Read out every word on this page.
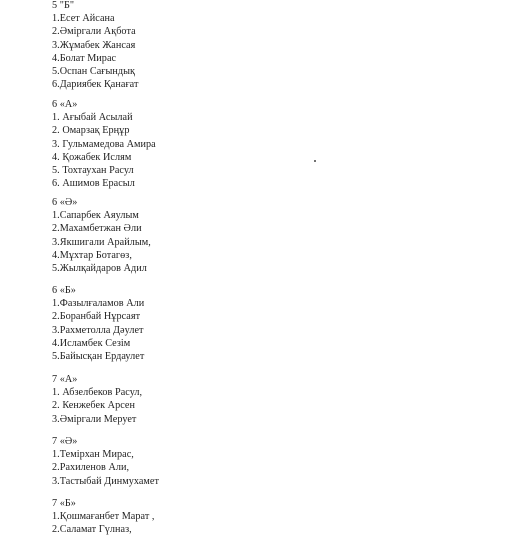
5 "Б"
1.Есет Айсана
2.Әміргали Ақбота
3.Жұмабек Жансая
4.Болат Мирас
5.Оспан Сағындық
6.Дариябек Қанағат
6 «А»
1. Ағыбай Асылай
2. Омарзақ Ерңұр
3. Гульмамедова Амира
4. Қожабек Ислям
5. Тохтаухан Расул
6. Ашимов Ерасыл
6 «Ә»
1.Сапарбек Аяулым
2.Махамбетжан Әли
3.Якшигали Арайлым,
4.Мұхтар Ботагөз,
5.Жылқайдаров Адил
6 «Б»
1.Фазылғаламов Али
2.Боранбай Нұрсаят
3.Рахметолла Дәулет
4.Исламбек Сезім
5.Байысқан Ердаулет
7 «А»
1. Абзелбеков Расул,
2. Кенжебек Арсен
3.Әміргали Мерует
7 «Ә»
1.Темірхан Мирас,
2.Рахиленов Али,
3.Тастыбай Динмухамет
7 «Б»
1.Қошмағанбет Марат ,
2.Саламат Гүлназ,
